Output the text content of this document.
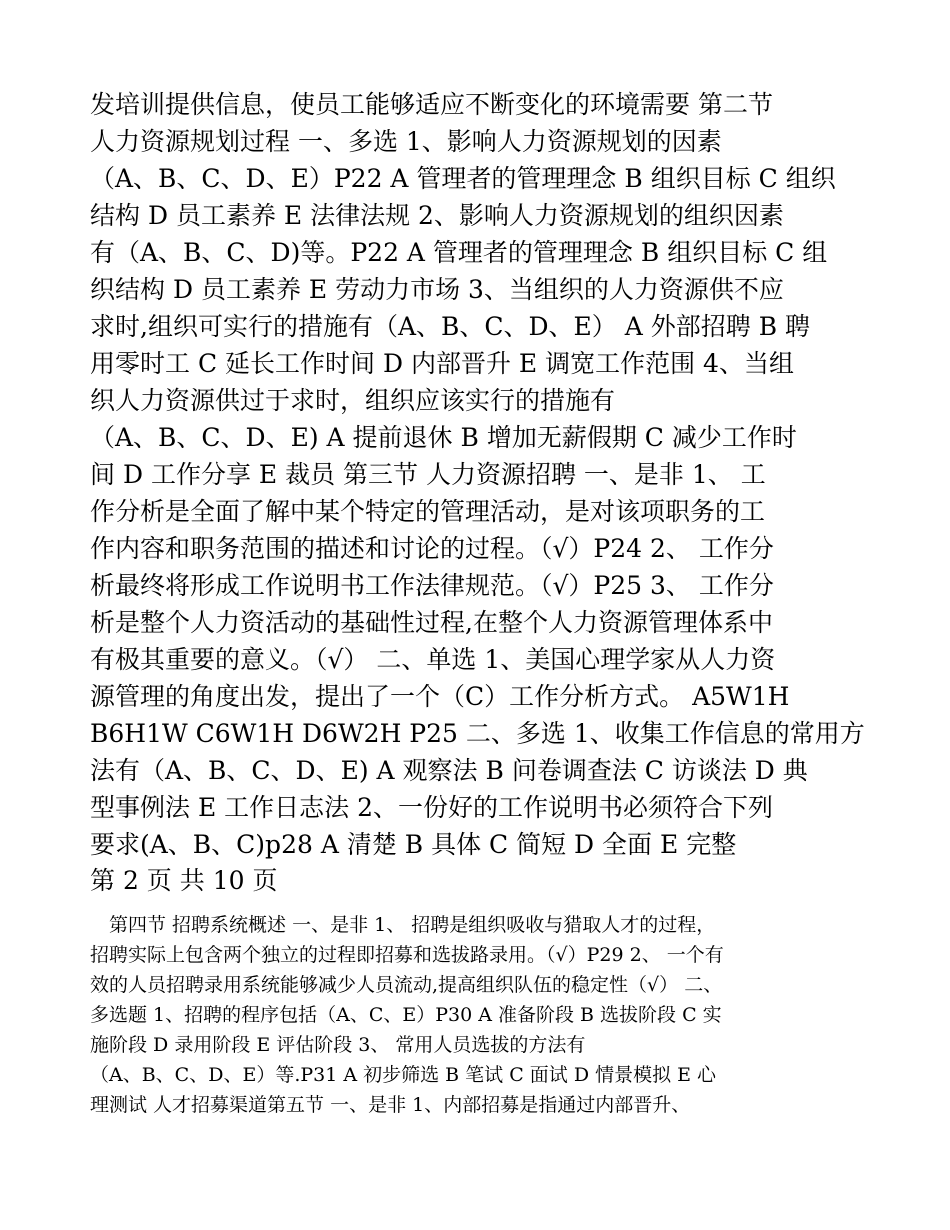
发培训提供信息，使员工能够适应不断变化的环境需要 第二节

人力资源规划过程 一、多选 1、影响人力资源规划的因素

（A、B、C、D、E）P22 A 管理者的管理理念 B 组织目标 C 组织

结构 D 员工素养 E 法律法规 2、影响人力资源规划的组织因素

有（A、B、C、D)等。P22 A 管理者的管理理念 B 组织目标 C 组

织结构 D 员工素养 E 劳动力市场 3、当组织的人力资源供不应

求时,组织可实行的措施有（A、B、C、D、E） A 外部招聘 B 聘

用零时工 C 延长工作时间 D 内部晋升 E 调宽工作范围 4、当组

织人力资源供过于求时，组织应该实行的措施有

（A、B、C、D、E) A 提前退休 B 增加无薪假期 C 减少工作时

间 D 工作分享 E 裁员 第三节 人力资源招聘 一、是非 1、 工

作分析是全面了解中某个特定的管理活动，是对该项职务的工

作内容和职务范围的描述和讨论的过程。（√）P24 2、 工作分

析最终将形成工作说明书工作法律规范。（√）P25 3、 工作分

析是整个人力资活动的基础性过程,在整个人力资源管理体系中

有极其重要的意义。（√） 二、单选 1、美国心理学家从人力资

源管理的角度出发，提出了一个（C）工作分析方式。 A5W1H

B6H1W C6W1H D6W2H P25 二、多选 1、收集工作信息的常用方

法有（A、B、C、D、E) A 观察法 B 问卷调查法 C 访谈法 D 典

型事例法 E 工作日志法 2、一份好的工作说明书必须符合下列

要求(A、B、C)p28 A 清楚 B 具体 C 简短 D 全面 E 完整

第 2 页 共 10 页

　第四节 招聘系统概述 一、是非 1、 招聘是组织吸收与猎取人才的过程，

招聘实际上包含两个独立的过程即招募和选拔路录用。（√）P29 2、 一个有

效的人员招聘录用系统能够减少人员流动,提高组织队伍的稳定性（√） 二、

多选题 1、招聘的程序包括（A、C、E）P30 A 准备阶段 B 选拔阶段 C 实

施阶段 D 录用阶段 E 评估阶段 3、 常用人员选拔的方法有

（A、B、C、D、E）等.P31 A 初步筛选 B 笔试 C 面试 D 情景模拟 E 心

理测试 人才招募渠道第五节 一、是非 1、内部招募是指通过内部晋升、
